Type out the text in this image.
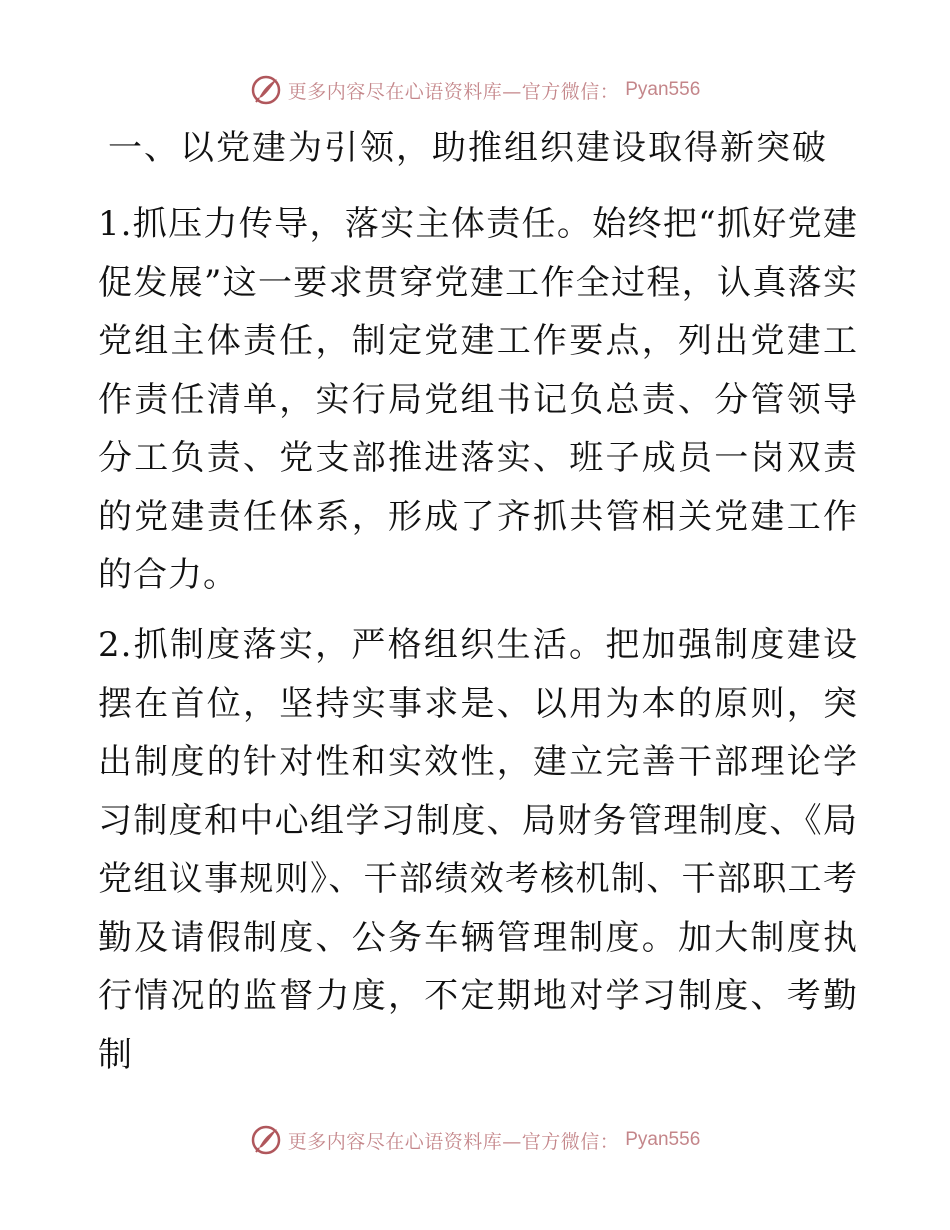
更多内容尽在心语资料库—官方微信： Pyan556
一、以党建为引领，助推组织建设取得新突破

1.抓压力传导，落实主体责任。始终把“抓好党建促发展”这一要求贯穿党建工作全过程，认真落实党组主体责任，制定党建工作要点，列出党建工作责任清单，实行局党组书记负总责、分管领导分工负责、党支部推进落实、班子成员一岗双责的党建责任体系，形成了齐抓共管相关党建工作的合力。

2.抓制度落实，严格组织生活。把加强制度建设摆在首位，坚持实事求是、以用为本的原则，突出制度的针对性和实效性，建立完善干部理论学习制度和中心组学习制度、局财务管理制度、《局党组议事规则》、干部绩效考核机制、干部职工考勤及请假制度、公务车辆管理制度。加大制度执行情况的监督力度，不定期地对学习制度、考勤制

更多内容尽在心语资料库—官方微信： Pyan556
